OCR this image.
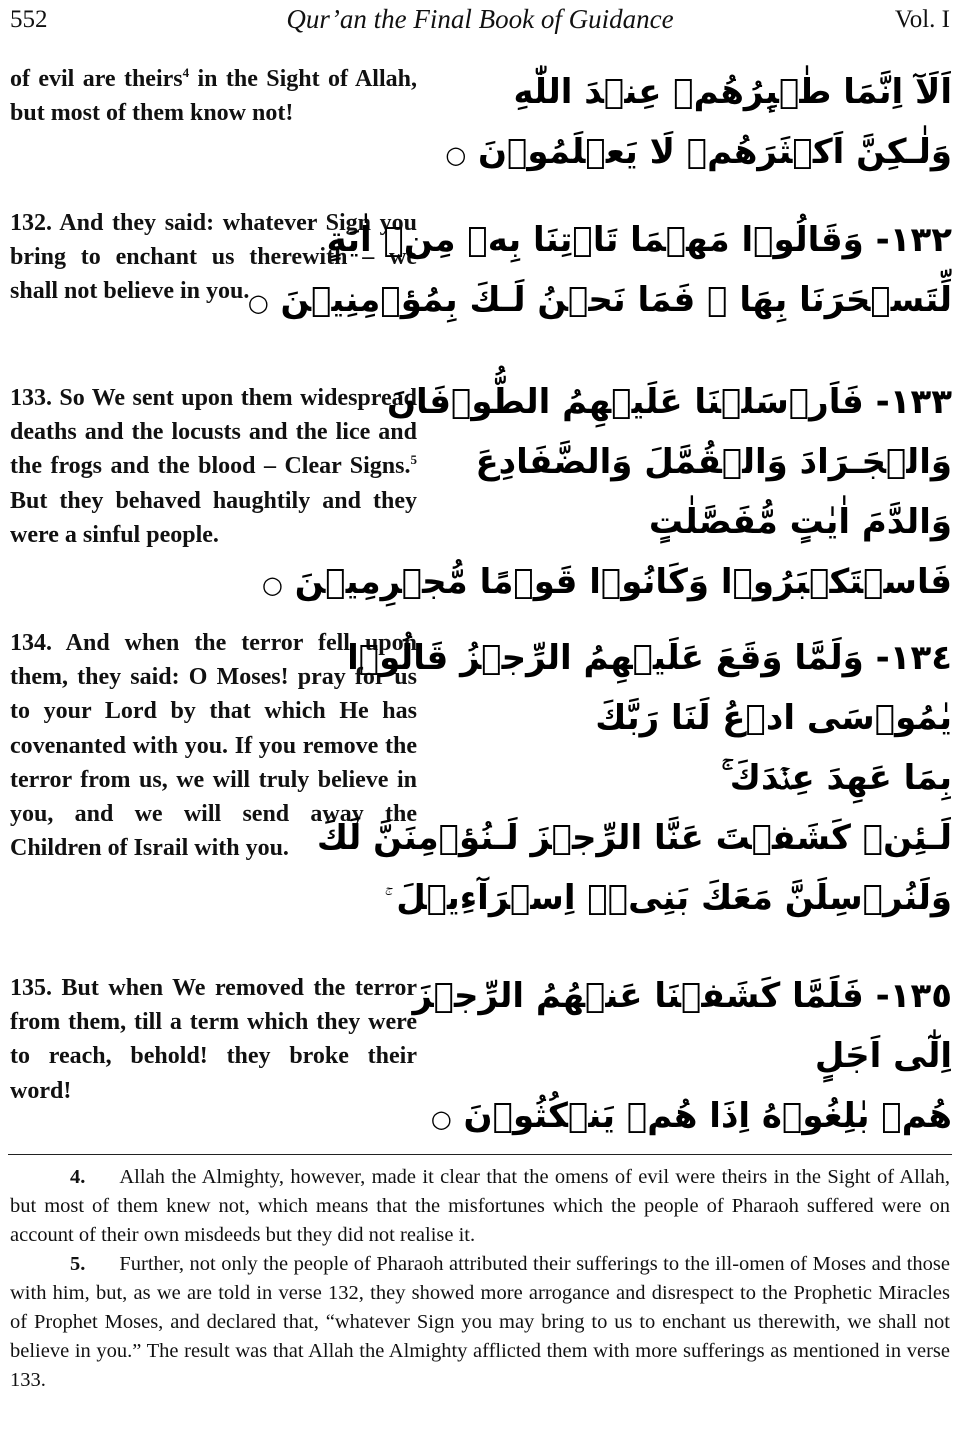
552	Qur’an the Final Book of Guidance	Vol. I
of evil are theirs$^4$ in the Sight of Allah, but most of them know not!
اَلَآ اِنَّمَا طٰۤىِٕرُهُمۡ عِنۡدَ اللّٰهِ
وَلٰـكِنَّ اَكۡثَرَهُمۡ لَا يَعۡلَمُوۡنَ ○
132. And they said: whatever Sign you bring to enchant us therewith – we shall not believe in you.
١٣٢- وَقَالُوۡا مَهۡمَا تَاۡتِنَا بِهٖ مِنۡ اٰيَةٍ
لِّتَسۡحَرَنَا بِهَا ۙ فَمَا نَحۡنُ لَـكَ بِمُؤۡمِنِيۡنَ ○
133. So We sent upon them widespread deaths and the locusts and the lice and the frogs and the blood – Clear Signs.$^5$ But they behaved haughtily and they were a sinful people.
١٣٣- فَاَرۡسَلۡنَا عَلَيۡهِمُ الطُّوۡفَانَ
وَالۡجَـرَادَ وَالۡقُمَّلَ وَالضَّفَادِعَ
وَالدَّمَ اٰيٰتٍ مُّفَصَّلٰتٍ
فَاسۡتَكۡبَرُوۡا وَكَانُوۡا قَوۡمًا مُّجۡرِمِيۡنَ ○
134. And when the terror fell upon them, they said: O Moses! pray for us to your Lord by that which He has covenanted with you. If you remove the terror from us, we will truly believe in you, and we will send away the Children of Israil with you.
١٣٤- وَلَمَّا وَقَعَ عَلَيۡهِمُ الرِّجۡزُ قَالُوۡا
يٰمُوۡسَى ادۡعُ لَنَا رَبَّكَ
بِمَا عَهِدَ عِنۡدَكَ ۚ
لَـئِنۡ كَشَفۡتَ عَنَّا الرِّجۡزَ لَـنُؤۡمِنَنَّ لَكَ
وَلَنُرۡسِلَنَّ مَعَكَ بَنِىۡۤ اِسۡرَآءِيۡلَ
135. But when We removed the terror from them, till a term which they were to reach, behold! they broke their word!
١٣٥- فَلَمَّا كَشَفۡنَا عَنۡهُمُ الرِّجۡزَ
اِلٰٓى اَجَلٍ
هُمۡ بٰلِغُوۡهُ اِذَا هُمۡ يَنۡكُثُوۡنَ ○

4. Allah the Almighty, however, made it clear that the omens of evil were theirs in the Sight of Allah, but most of them knew not, which means that the misfortunes which the people of Pharaoh suffered were on account of their own misdeeds but they did not realise it.

5. Further, not only the people of Pharaoh attributed their sufferings to the ill-omen of Moses and those with him, but, as we are told in verse 132, they showed more arrogance and disrespect to the Prophetic Miracles of Prophet Moses, and declared that, “whatever Sign you may bring to us to enchant us therewith, we shall not believe in you.” The result was that Allah the Almighty afflicted them with more sufferings as mentioned in verse 133.
